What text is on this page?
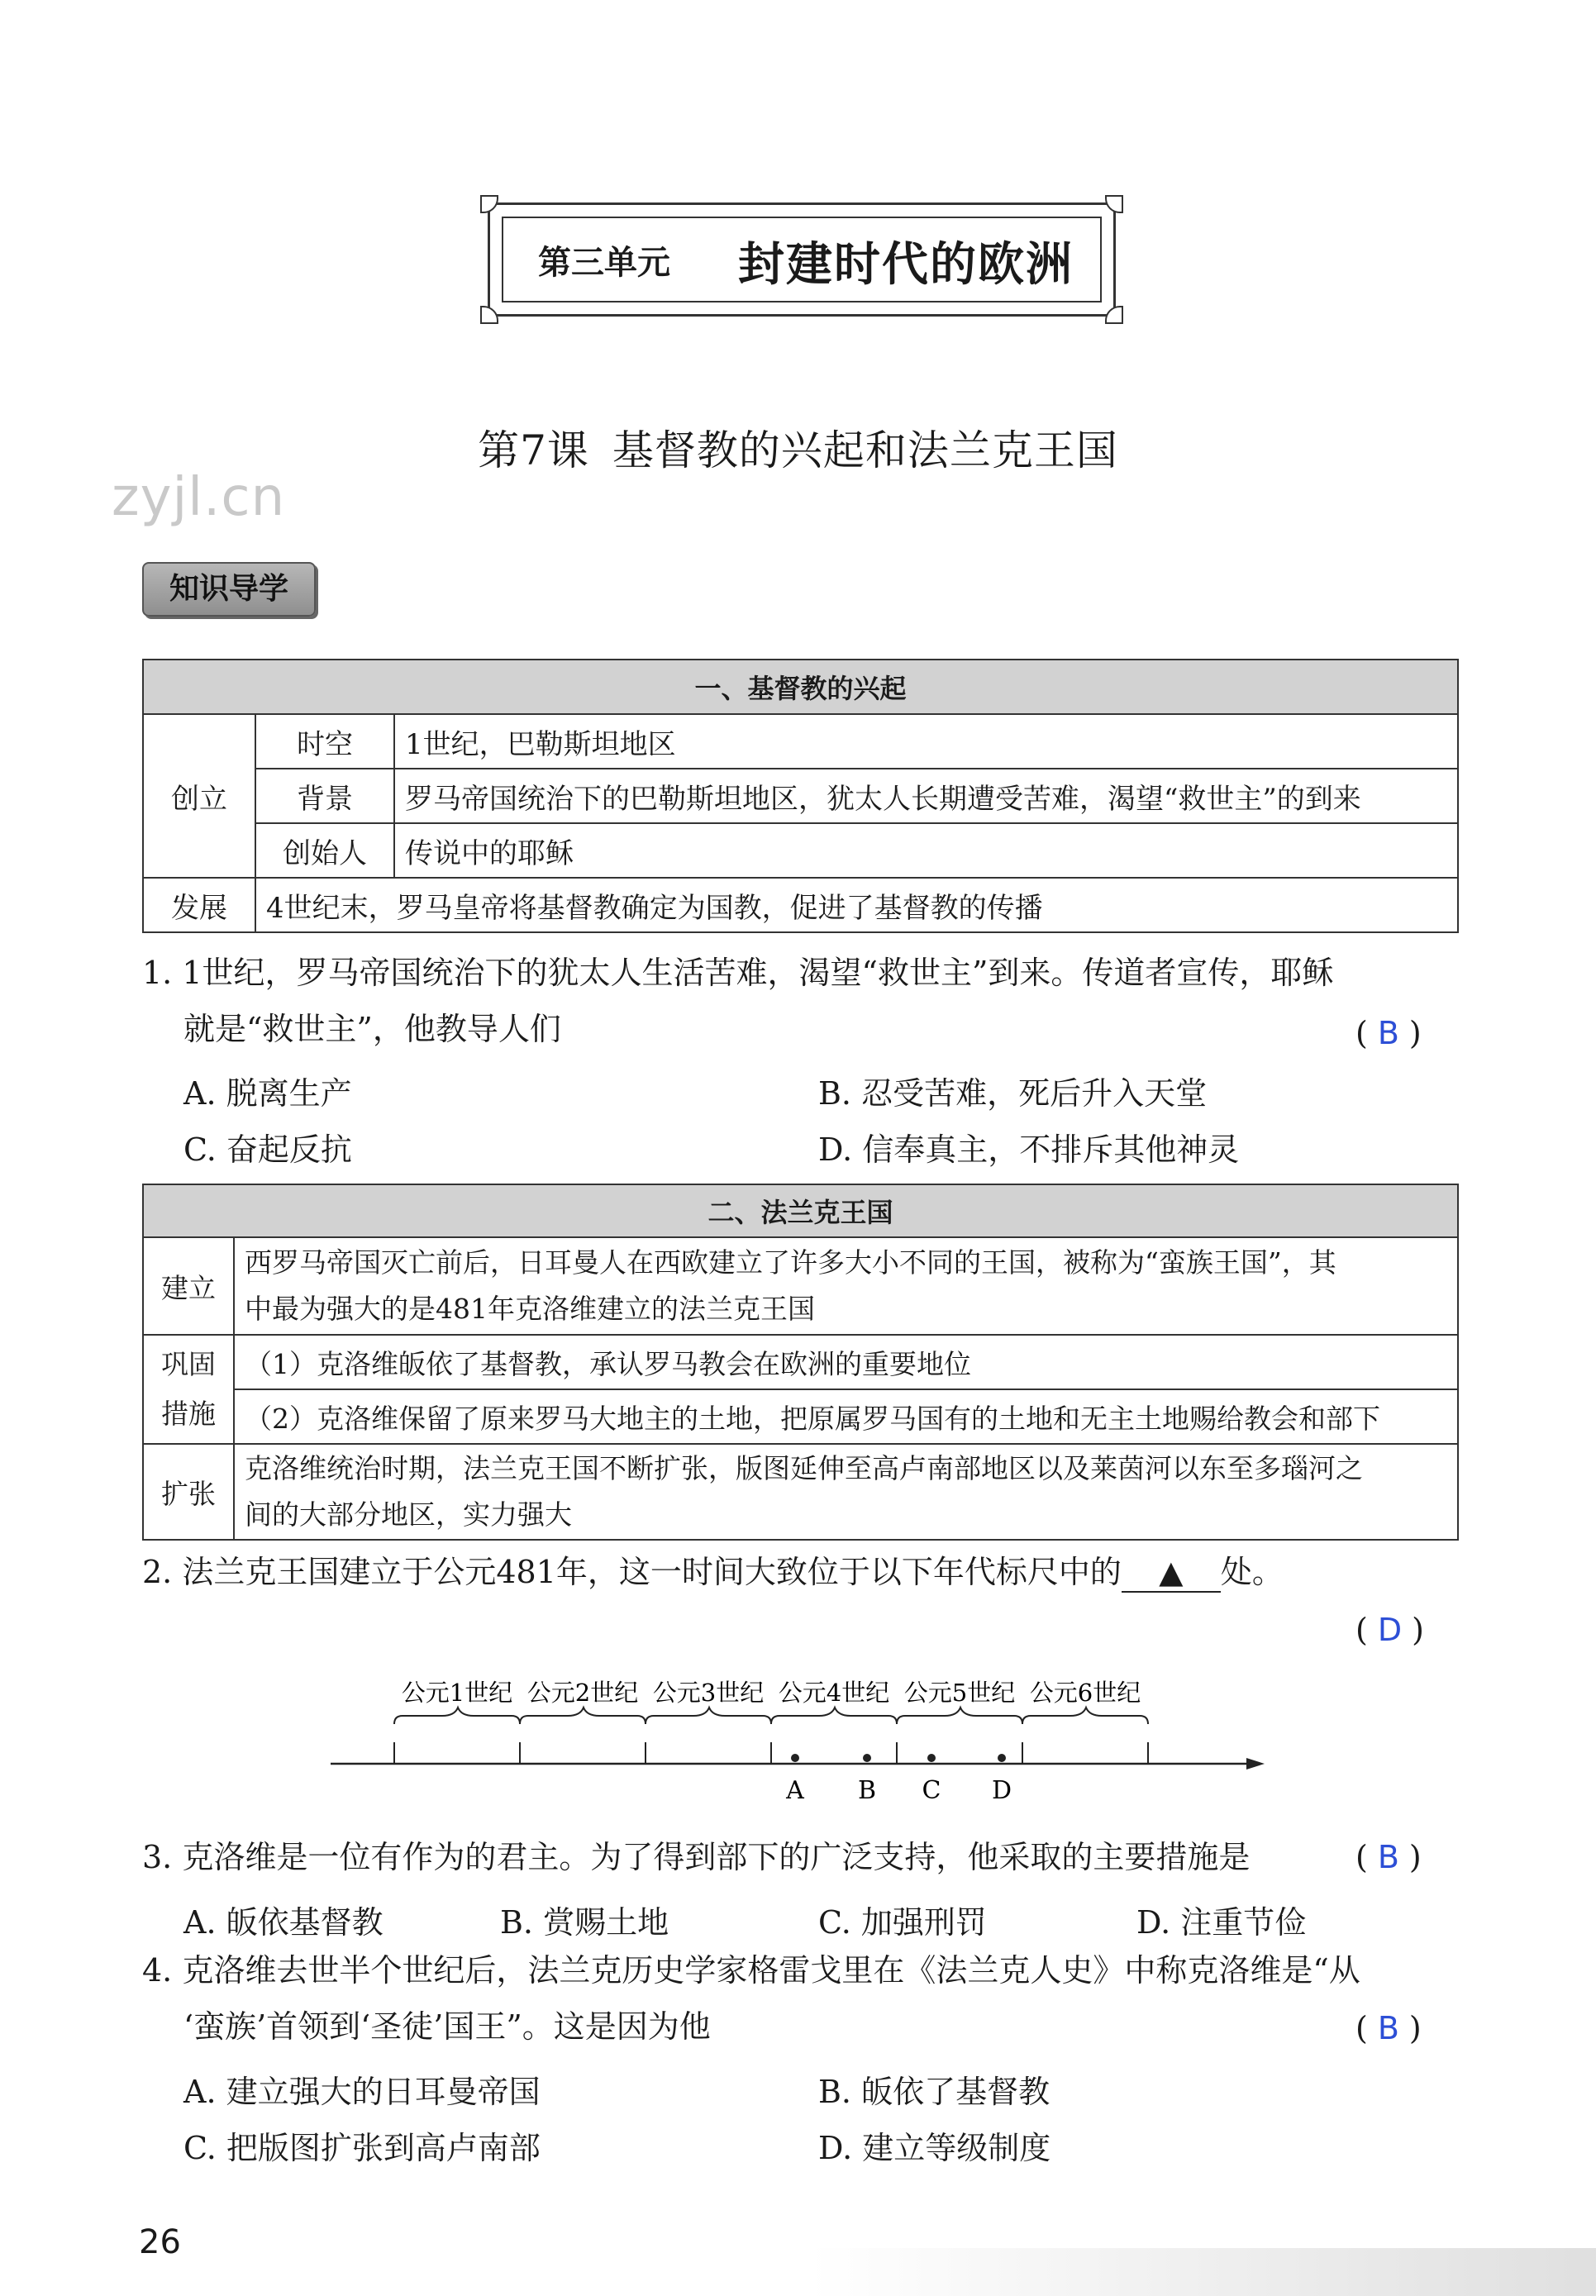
第三单元 封建时代的欧洲
第7课 基督教的兴起和法兰克王国
zyjl.cn
知识导学
一、基督教的兴起		
创立	时空	1世纪，巴勒斯坦地区
	背景	罗马帝国统治下的巴勒斯坦地区，犹太人长期遭受苦难，渴望“救世主”的到来
	创始人	传说中的耶稣
发展	4世纪末，罗马皇帝将基督教确定为国教，促进了基督教的传播	
1. 1世纪，罗马帝国统治下的犹太人生活苦难，渴望“救世主”到来。传道者宣传，耶稣
就是“救世主”，他教导人们	( B )
A. 脱离生产	B. 忍受苦难，死后升入天堂
C. 奋起反抗	D. 信奉真主，不排斥其他神灵
二、法兰克王国	
建立	西罗马帝国灭亡前后，日耳曼人在西欧建立了许多大小不同的王国，被称为“蛮族王国”，其
中最为强大的是481年克洛维建立的法兰克王国

巩固措施	（1）克洛维皈依了基督教，承认罗马教会在欧洲的重要地位
	（2）克洛维保留了原来罗马大地主的土地，把原属罗马国有的土地和无主土地赐给教会和部下
扩张	克洛维统治时期，法兰克王国不断扩张，版图延伸至高卢南部地区以及莱茵河以东至多瑙河之
间的大部分地区，实力强大
2. 法兰克王国建立于公元481年，这一时间大致位于以下年代标尺中的 ▲ 处。
( D )
公元1世纪 公元2世纪 公元3世纪 公元4世纪 公元5世纪 公元6世纪
A B C D
3. 克洛维是一位有作为的君主。为了得到部下的广泛支持，他采取的主要措施是	( B )
A. 皈依基督教	B. 赏赐土地	C. 加强刑罚	D. 注重节俭
4. 克洛维去世半个世纪后，法兰克历史学家格雷戈里在《法兰克人史》中称克洛维是“从
‘蛮族’首领到‘圣徒’国王”。这是因为他	( B )
A. 建立强大的日耳曼帝国	B. 皈依了基督教
C. 把版图扩张到高卢南部	D. 建立等级制度
26
